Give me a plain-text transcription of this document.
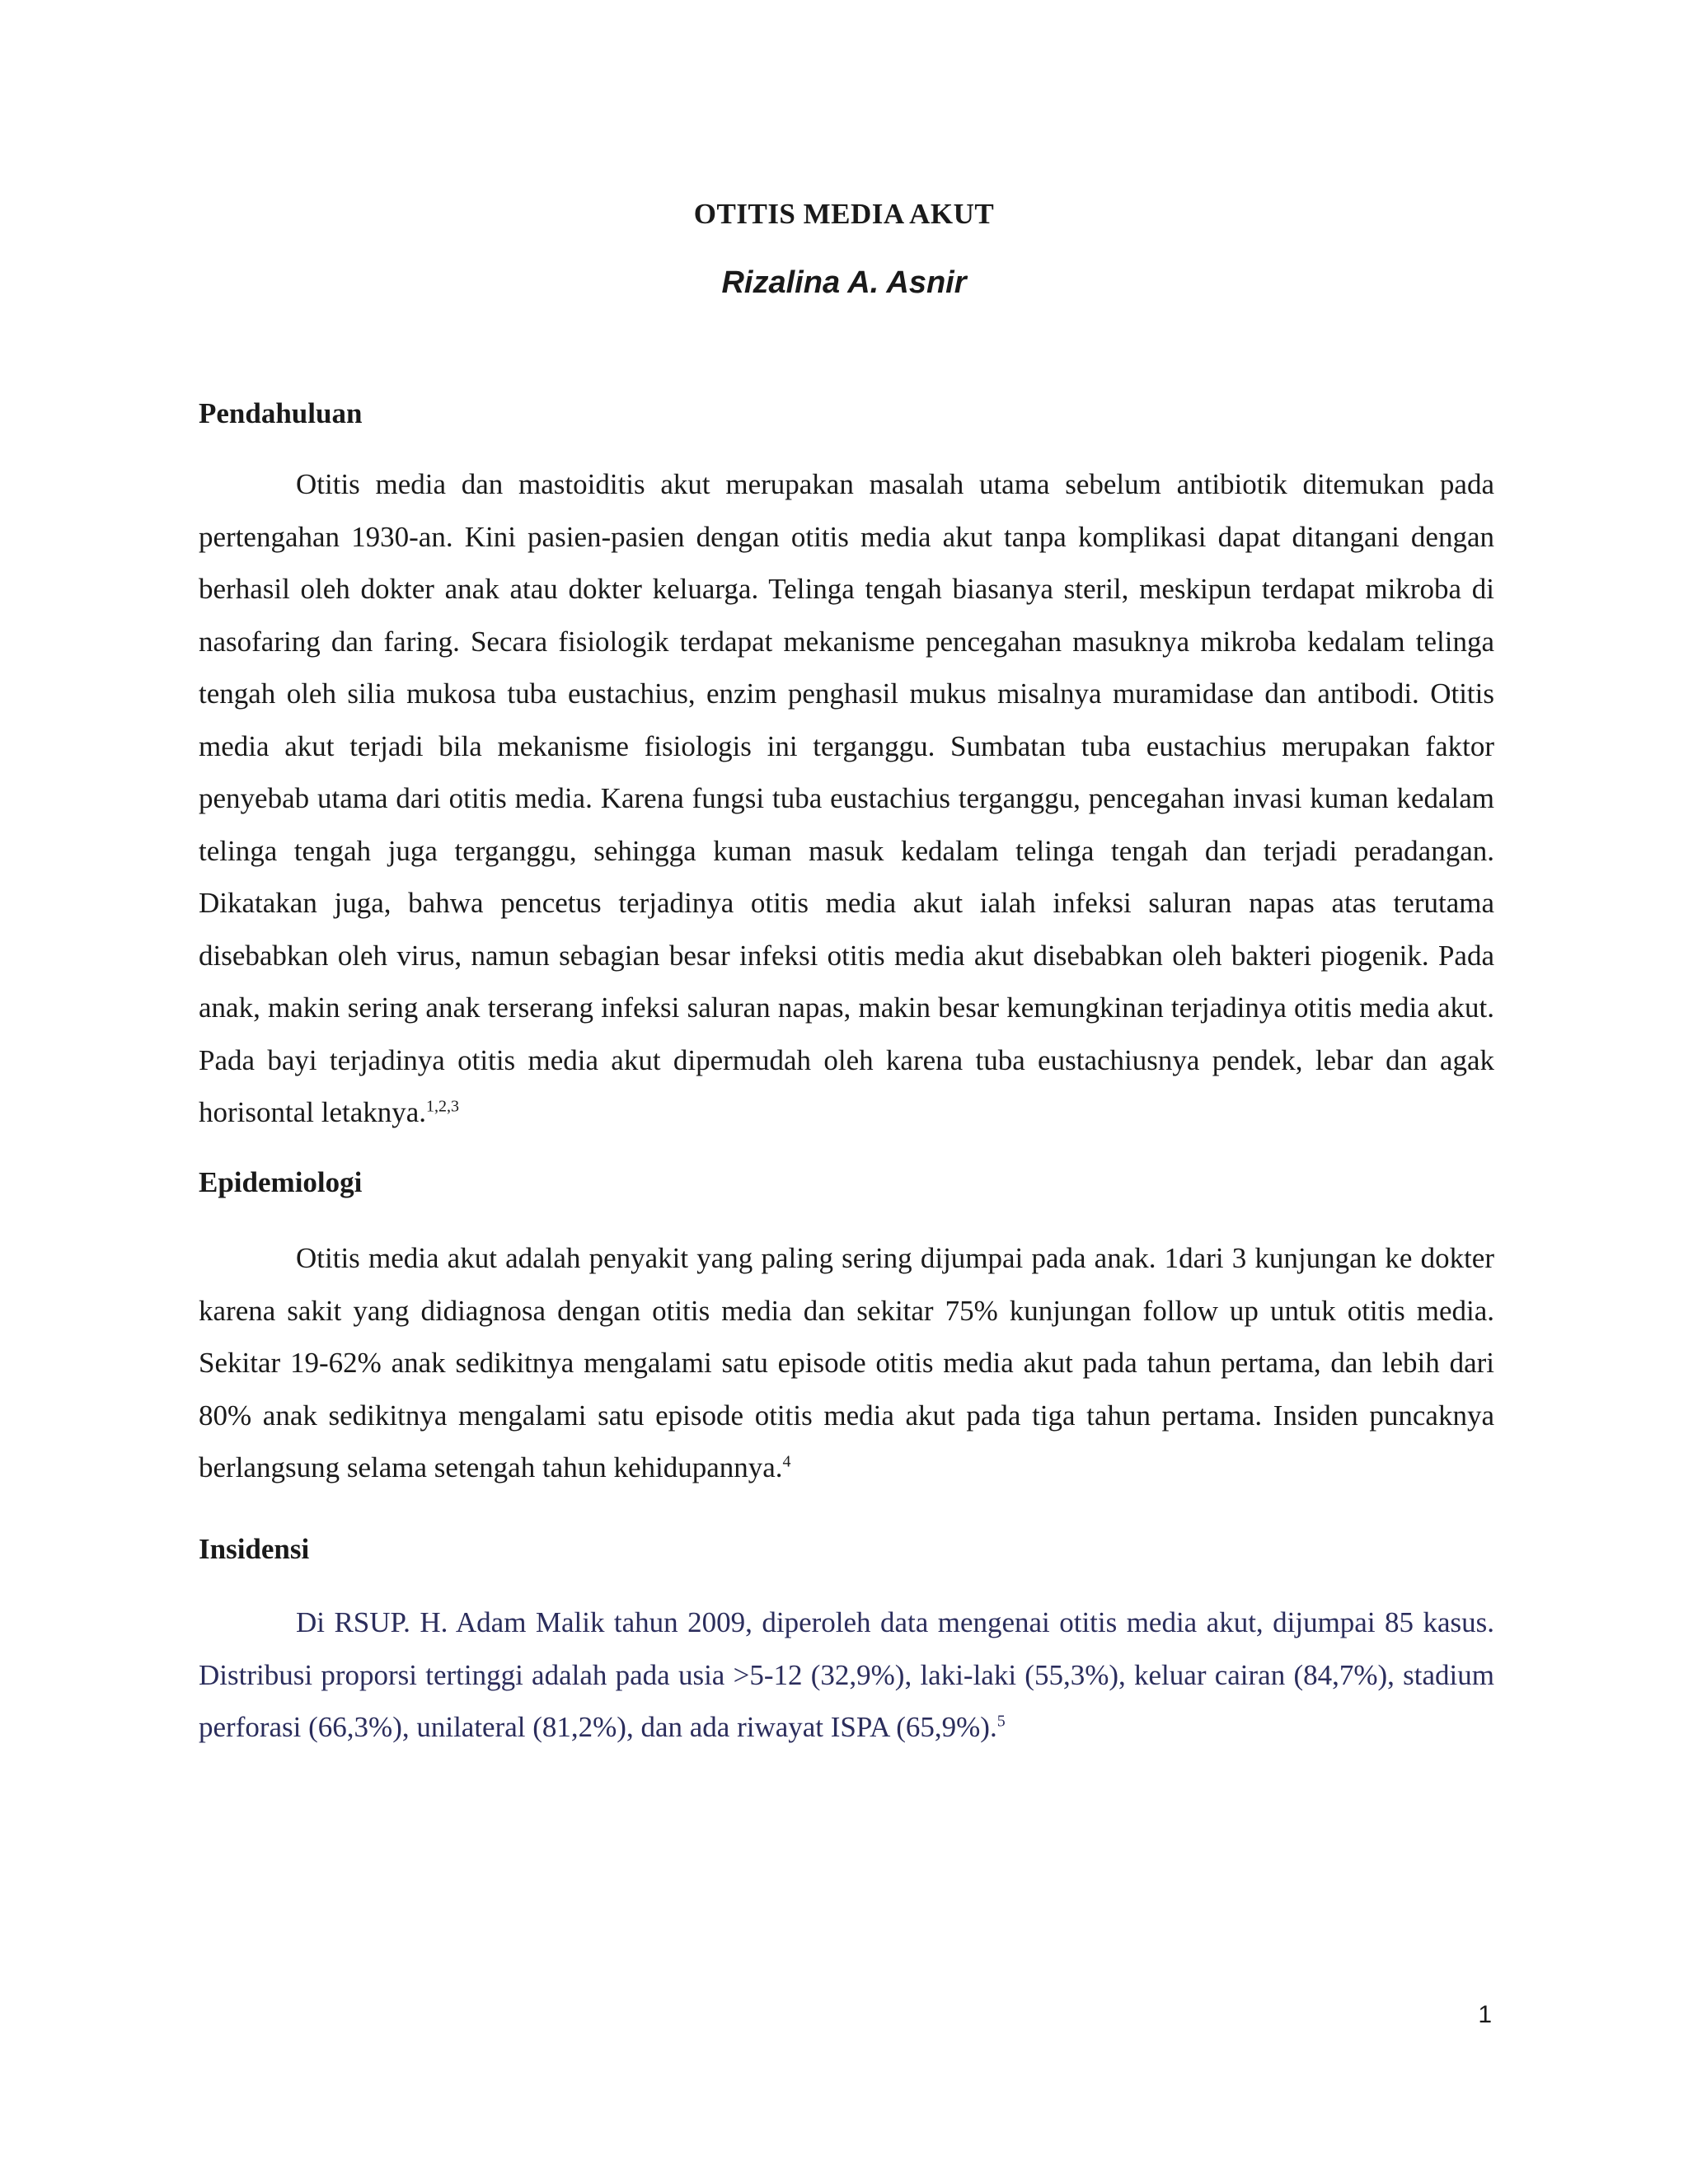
OTITIS MEDIA AKUT
Rizalina A. Asnir
Pendahuluan

Otitis media dan mastoiditis akut merupakan masalah utama sebelum antibiotik ditemukan pada pertengahan 1930-an. Kini pasien-pasien dengan otitis media akut tanpa komplikasi dapat ditangani dengan berhasil oleh dokter anak atau dokter keluarga. Telinga tengah biasanya steril, meskipun terdapat mikroba di nasofaring dan faring. Secara fisiologik terdapat mekanisme pencegahan masuknya mikroba kedalam telinga tengah oleh silia mukosa tuba eustachius, enzim penghasil mukus misalnya muramidase dan antibodi. Otitis media akut terjadi bila mekanisme fisiologis ini terganggu. Sumbatan tuba eustachius merupakan faktor penyebab utama dari otitis media. Karena fungsi tuba eustachius terganggu, pencegahan invasi kuman kedalam telinga tengah juga terganggu, sehingga kuman masuk kedalam telinga tengah dan terjadi peradangan. Dikatakan juga, bahwa pencetus terjadinya otitis media akut ialah infeksi saluran napas atas terutama disebabkan oleh virus, namun sebagian besar infeksi otitis media akut disebabkan oleh bakteri piogenik. Pada anak, makin sering anak terserang infeksi saluran napas, makin besar kemungkinan terjadinya otitis media akut. Pada bayi terjadinya otitis media akut dipermudah oleh karena tuba eustachiusnya pendek, lebar dan agak horisontal letaknya.$^{1,2,3}$

Epidemiologi

Otitis media akut adalah penyakit yang paling sering dijumpai pada anak. 1dari 3 kunjungan ke dokter karena sakit yang didiagnosa dengan otitis media dan sekitar 75% kunjungan follow up untuk otitis media. Sekitar 19-62% anak sedikitnya mengalami satu episode otitis media akut pada tahun pertama, dan lebih dari 80% anak sedikitnya mengalami satu episode otitis media akut pada tiga tahun pertama. Insiden puncaknya berlangsung selama setengah tahun kehidupannya.$^4$

Insidensi

Di RSUP. H. Adam Malik tahun 2009, diperoleh data mengenai otitis media akut, dijumpai 85 kasus. Distribusi proporsi tertinggi adalah pada usia >5-12 (32,9%), laki-laki (55,3%), keluar cairan (84,7%), stadium perforasi (66,3%), unilateral (81,2%), dan ada riwayat ISPA (65,9%).$^5$

1
